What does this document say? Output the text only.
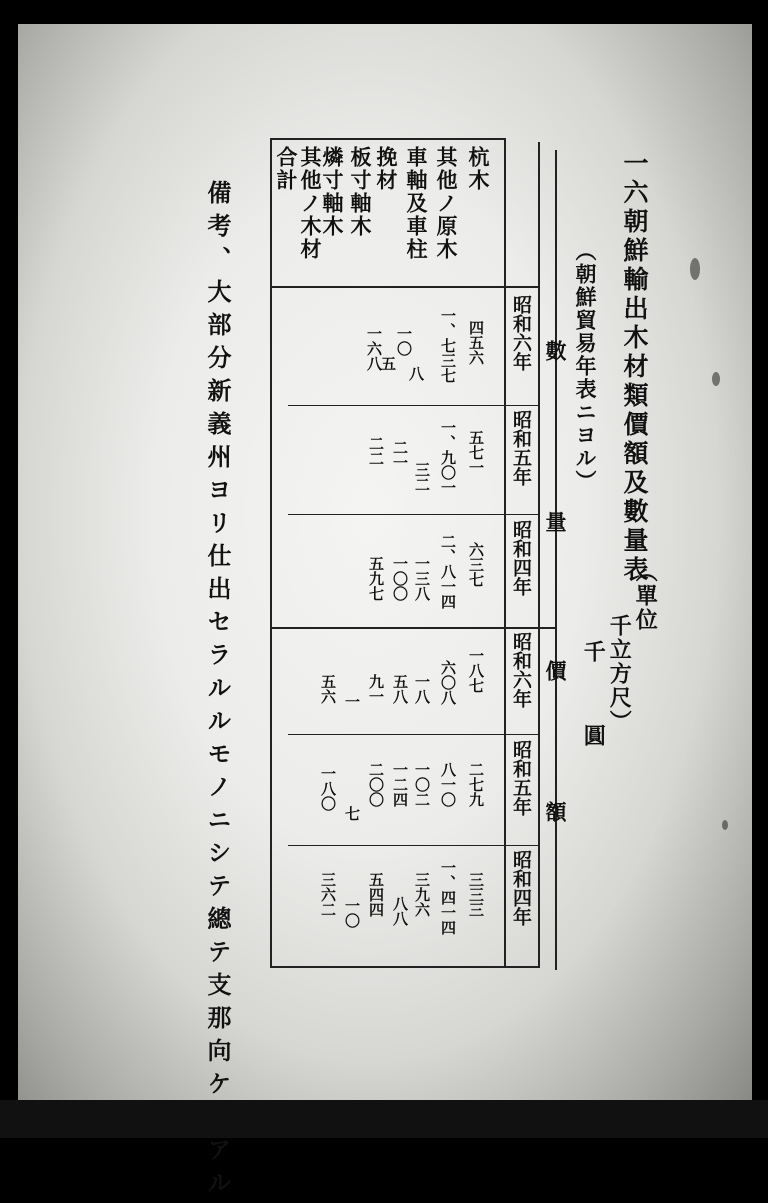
一六朝鮮輸出木材類價額及數量表
（單位
千立方尺）
千
圓
（朝鮮貿易年表ニヨル）
杭木
其他ノ原木
車軸及車柱
挽材
板寸軸木
燐寸軸木
其他ノ木材
合計
數量
價額
昭和六年
昭和五年
昭和四年
昭和六年
昭和五年
昭和四年
四五六
一、七三七
八
五
一〇
一六八
五七一
一、九〇一
三二
二一
二二
六三七
二、八一四
一三八
一〇〇
五九七
一八七
六〇八
一八
五八
九一
一
五六
二七九
八一〇
一〇二
一二四
二〇〇
七
一八〇
三三三
一、四一四
三九六
八八
五四四
一〇
三六二
備考、大部分新義州ヨリ仕出セラルルモノニシテ總テ支那向ケテアル
